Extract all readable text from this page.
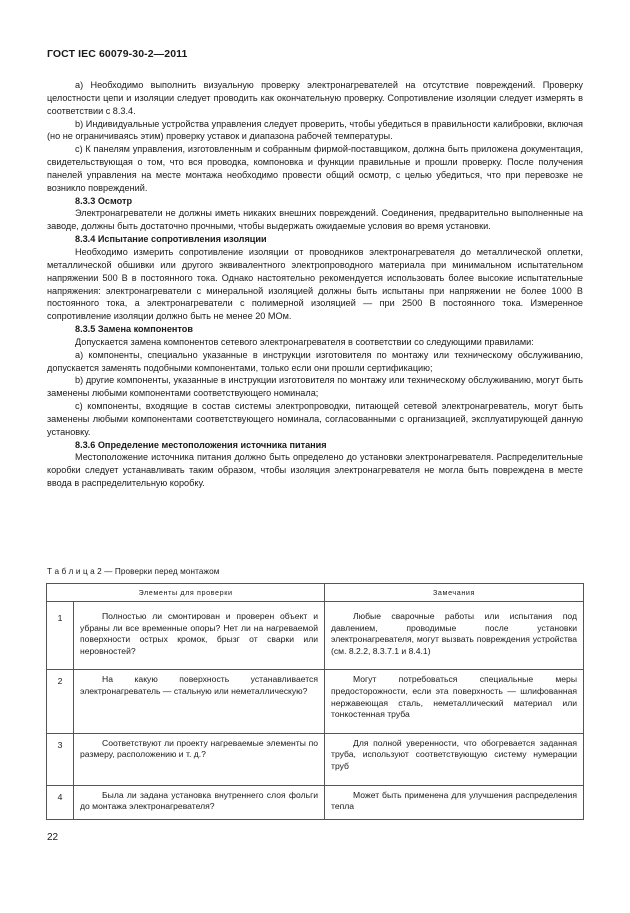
ГОСТ IEC 60079-30-2—2011

а) Необходимо выполнить визуальную проверку электронагревателей на отсутствие повреждений. Проверку целостности цепи и изоляции следует проводить как окончательную проверку. Сопротивление изоляции следует измерять в соответствии с 8.3.4.

b) Индивидуальные устройства управления следует проверить, чтобы убедиться в правильности калибровки, включая (но не ограничиваясь этим) проверку уставок и диапазона рабочей температуры.

с) К панелям управления, изготовленным и собранным фирмой-поставщиком, должна быть приложена документация, свидетельствующая о том, что вся проводка, компоновка и функции правильные и прошли проверку. После получения панелей управления на месте монтажа необходимо провести общий осмотр, с целью убедиться, что при перевозке не возникло повреждений.

8.3.3 Осмотр

Электронагреватели не должны иметь никаких внешних повреждений. Соединения, предварительно выполненные на заводе, должны быть достаточно прочными, чтобы выдержать ожидаемые условия во время установки.

8.3.4 Испытание сопротивления изоляции

Необходимо измерить сопротивление изоляции от проводников электронагревателя до металлической оплетки, металлической обшивки или другого эквивалентного электропроводного материала при минимальном испытательном напряжении 500 В в постоянного тока. Однако настоятельно рекомендуется использовать более высокие испытательные напряжения: электронагреватели с минеральной изоляцией должны быть испытаны при напряжении не более 1000 В постоянного тока, а электронагреватели с полимерной изоляцией — при 2500 В постоянного тока. Измеренное сопротивление изоляции должно быть не менее 20 МОм.

8.3.5 Замена компонентов

Допускается замена компонентов сетевого электронагревателя в соответствии со следующими правилами:

а) компоненты, специально указанные в инструкции изготовителя по монтажу или техническому обслуживанию, допускается заменять подобными компонентами, только если они прошли сертификацию;

b) другие компоненты, указанные в инструкции изготовителя по монтажу или техническому обслуживанию, могут быть заменены любыми компонентами соответствующего номинала;

с) компоненты, входящие в состав системы электропроводки, питающей сетевой электронагреватель, могут быть заменены любыми компонентами соответствующего номинала, согласованными с организацией, эксплуатирующей данную установку.

8.3.6 Определение местоположения источника питания

Местоположение источника питания должно быть определено до установки электронагревателя. Распределительные коробки следует устанавливать таким образом, чтобы изоляция электронагревателя не могла быть повреждена в месте ввода в распределительную коробку.

Т а б л и ц а 2 — Проверки перед монтажом
Элементы для проверки		Замечания

1	Полностью ли смонтирован и проверен объект и убраны ли все временные опоры? Нет ли на нагреваемой поверхности острых кромок, брызг от сварки или неровностей?	Любые сварочные работы или испытания под давлением, проводимые после установки электронагревателя, могут вызвать повреждения устройства (см. 8.2.2, 8.3.7.1 и 8.4.1)

2	На какую поверхность устанавливается электронагреватель — стальную или неметаллическую?	Могут потребоваться специальные меры предосторожности, если эта поверхность — шлифованная нержавеющая сталь, неметаллический материал или тонкостенная труба

3	Соответствуют ли проекту нагреваемые элементы по размеру, расположению и т. д.?	Для полной уверенности, что обогревается заданная труба, используют соответствующую систему нумерации труб

4	Была ли задана установка внутреннего слоя фольги до монтажа электронагревателя?	Может быть применена для улучшения распределения тепла
22
